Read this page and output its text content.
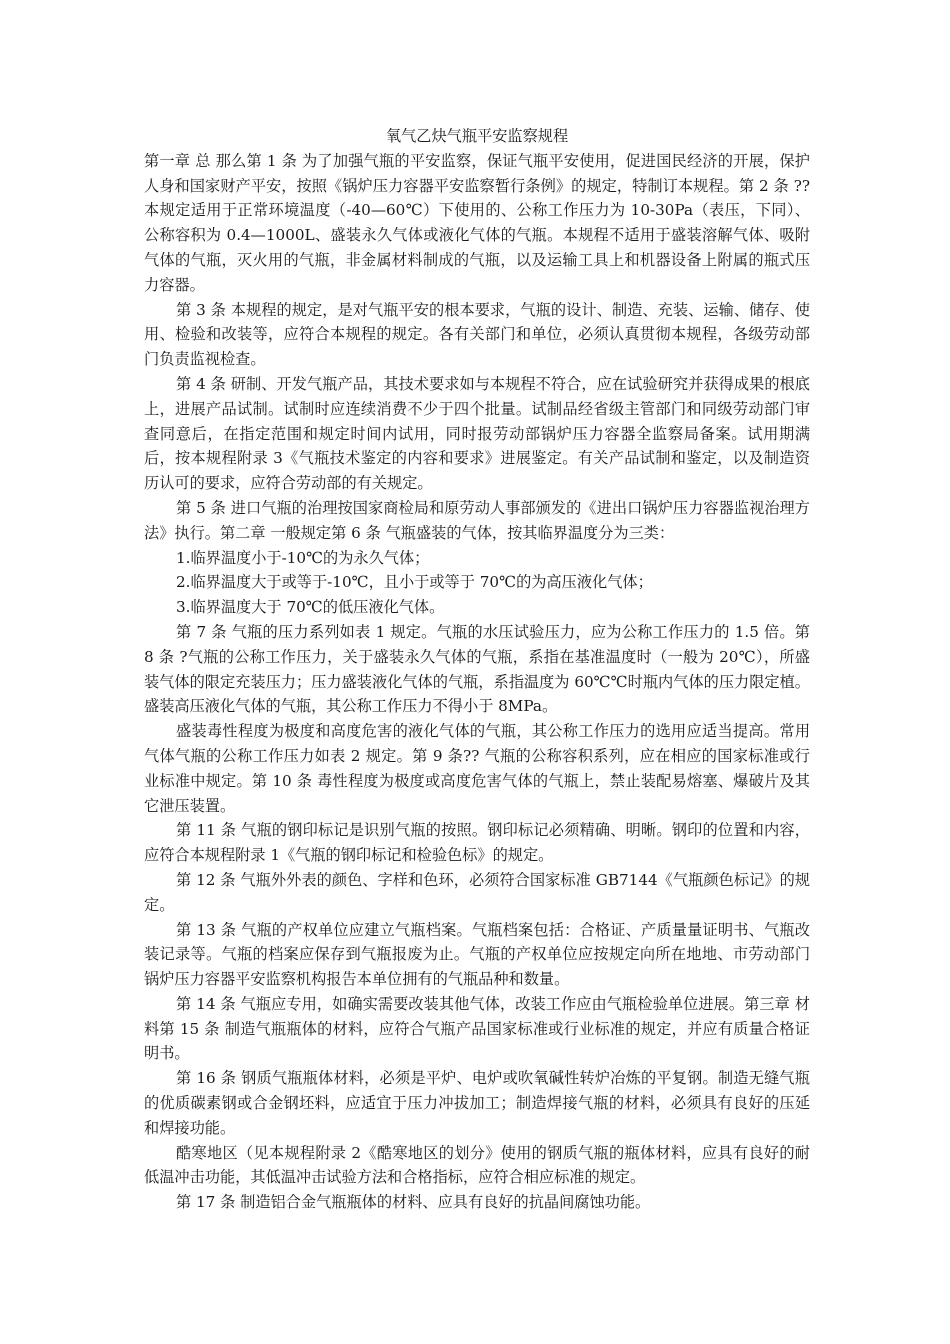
氧气乙炔气瓶平安监察规程

第一章 总 那么第 1 条 为了加强气瓶的平安监察，保证气瓶平安使用，促进国民经济的开展，保护人身和国家财产平安，按照《锅炉压力容器平安监察暂行条例》的规定，特制订本规程。第 2 条 ??本规定适用于正常环境温度（-40—60℃）下使用的、公称工作压力为 10-30Pa（表压，下同）、公称容积为 0.4—1000L、盛装永久气体或液化气体的气瓶。本规程不适用于盛装溶解气体、吸附气体的气瓶，灭火用的气瓶，非金属材料制成的气瓶，以及运输工具上和机器设备上附属的瓶式压力容器。

第 3 条 本规程的规定，是对气瓶平安的根本要求，气瓶的设计、制造、充装、运输、储存、使用、检验和改装等，应符合本规程的规定。各有关部门和单位，必须认真贯彻本规程，各级劳动部门负责监视检查。

第 4 条 研制、开发气瓶产品，其技术要求如与本规程不符合，应在试验研究并获得成果的根底上，进展产品试制。试制时应连续消费不少于四个批量。试制品经省级主管部门和同级劳动部门审查同意后，在指定范围和规定时间内试用，同时报劳动部锅炉压力容器全监察局备案。试用期满后，按本规程附录 3《气瓶技术鉴定的内容和要求》进展鉴定。有关产品试制和鉴定，以及制造资历认可的要求，应符合劳动部的有关规定。

第 5 条 进口气瓶的治理按国家商检局和原劳动人事部颁发的《进出口锅炉压力容器监视治理方法》执行。第二章 一般规定第 6 条 气瓶盛装的气体，按其临界温度分为三类：

1.临界温度小于-10℃的为永久气体；

2.临界温度大于或等于-10℃，且小于或等于 70℃的为高压液化气体；

3.临界温度大于 70℃的低压液化气体。

第 7 条 气瓶的压力系列如表 1 规定。气瓶的水压试验压力，应为公称工作压力的 1.5 倍。第 8 条 ?气瓶的公称工作压力，关于盛装永久气体的气瓶，系指在基准温度时（一般为 20℃），所盛装气体的限定充装压力；压力盛装液化气体的气瓶，系指温度为 60℃℃时瓶内气体的压力限定植。盛装高压液化气体的气瓶，其公称工作压力不得小于 8MPa。

盛装毒性程度为极度和高度危害的液化气体的气瓶，其公称工作压力的选用应适当提高。常用气体气瓶的公称工作压力如表 2 规定。第 9 条?? 气瓶的公称容积系列，应在相应的国家标准或行业标准中规定。第 10 条 毒性程度为极度或高度危害气体的气瓶上，禁止装配易熔塞、爆破片及其它泄压装置。

第 11 条 气瓶的钢印标记是识别气瓶的按照。钢印标记必须精确、明晰。钢印的位置和内容，应符合本规程附录 1《气瓶的钢印标记和检验色标》的规定。

第 12 条 气瓶外外表的颜色、字样和色环，必须符合国家标准 GB7144《气瓶颜色标记》的规定。

第 13 条 气瓶的产权单位应建立气瓶档案。气瓶档案包括：合格证、产质量量证明书、气瓶改装记录等。气瓶的档案应保存到气瓶报废为止。气瓶的产权单位应按规定向所在地地、市劳动部门锅炉压力容器平安监察机构报告本单位拥有的气瓶品种和数量。

第 14 条 气瓶应专用，如确实需要改装其他气体，改装工作应由气瓶检验单位进展。第三章 材 料第 15 条 制造气瓶瓶体的材料，应符合气瓶产品国家标准或行业标准的规定，并应有质量合格证明书。

第 16 条 钢质气瓶瓶体材料，必须是平炉、电炉或吹氧碱性转炉冶炼的平复钢。制造无缝气瓶的优质碳素钢或合金钢坯料，应适宜于压力冲拔加工；制造焊接气瓶的材料，必须具有良好的压延和焊接功能。

酷寒地区（见本规程附录 2《酷寒地区的划分》使用的钢质气瓶的瓶体材料，应具有良好的耐低温冲击功能，其低温冲击试验方法和合格指标，应符合相应标准的规定。

第 17 条 制造铝合金气瓶瓶体的材料、应具有良好的抗晶间腐蚀功能。
